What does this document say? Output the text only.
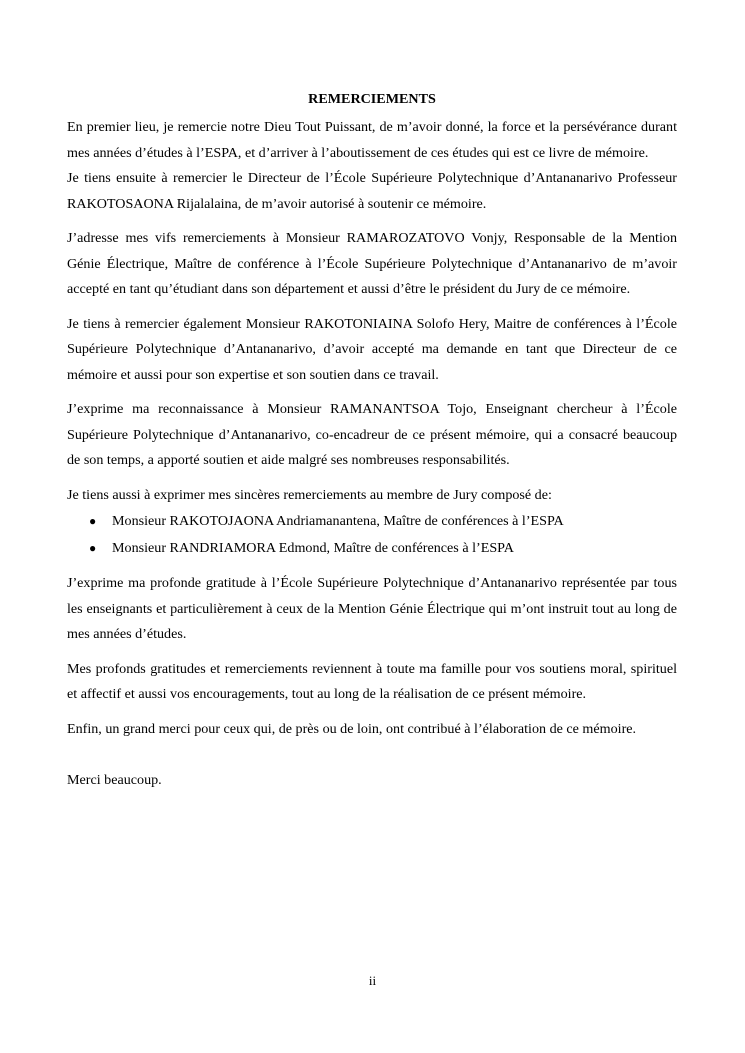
REMERCIEMENTS

En premier lieu, je remercie notre Dieu Tout Puissant, de m’avoir donné, la force et la persévérance durant mes années d’études à l’ESPA, et d’arriver à l’aboutissement de ces études qui est ce livre de mémoire.

Je tiens ensuite à remercier le Directeur de l’École Supérieure Polytechnique d’Antananarivo Professeur RAKOTOSAONA Rijalalaina, de m’avoir autorisé à soutenir ce mémoire.

J’adresse mes vifs remerciements à Monsieur RAMAROZATOVO Vonjy, Responsable de la Mention Génie Électrique, Maître de conférence à l’École Supérieure Polytechnique d’Antananarivo de m’avoir accepté en tant qu’étudiant dans son département et aussi d’être le président du Jury de ce mémoire.

Je tiens à remercier également Monsieur RAKOTONIAINA Solofo Hery, Maitre de conférences à l’École Supérieure Polytechnique d’Antananarivo, d’avoir accepté ma demande en tant que Directeur de ce mémoire et aussi pour son expertise et son soutien dans ce travail.

J’exprime ma reconnaissance à Monsieur RAMANANTSOA Tojo, Enseignant chercheur à l’École Supérieure Polytechnique d’Antananarivo, co-encadreur de ce présent mémoire, qui a consacré beaucoup de son temps, a apporté soutien et aide malgré ses nombreuses responsabilités.

Je tiens aussi à exprimer mes sincères remerciements au membre de Jury composé de:

● Monsieur RAKOTOJAONA Andriamanantena, Maître de conférences à l’ESPA
● Monsieur RANDRIAMORA Edmond, Maître de conférences à l’ESPA

J’exprime ma profonde gratitude à l’École Supérieure Polytechnique d’Antananarivo représentée par tous les enseignants et particulièrement à ceux de la Mention Génie Électrique qui m’ont instruit tout au long de mes années d’études.

Mes profonds gratitudes et remerciements reviennent à toute ma famille pour vos soutiens moral, spirituel et affectif et aussi vos encouragements, tout au long de la réalisation de ce présent mémoire.

Enfin, un grand merci pour ceux qui, de près ou de loin, ont contribué à l’élaboration de ce mémoire.

Merci beaucoup.

ii
